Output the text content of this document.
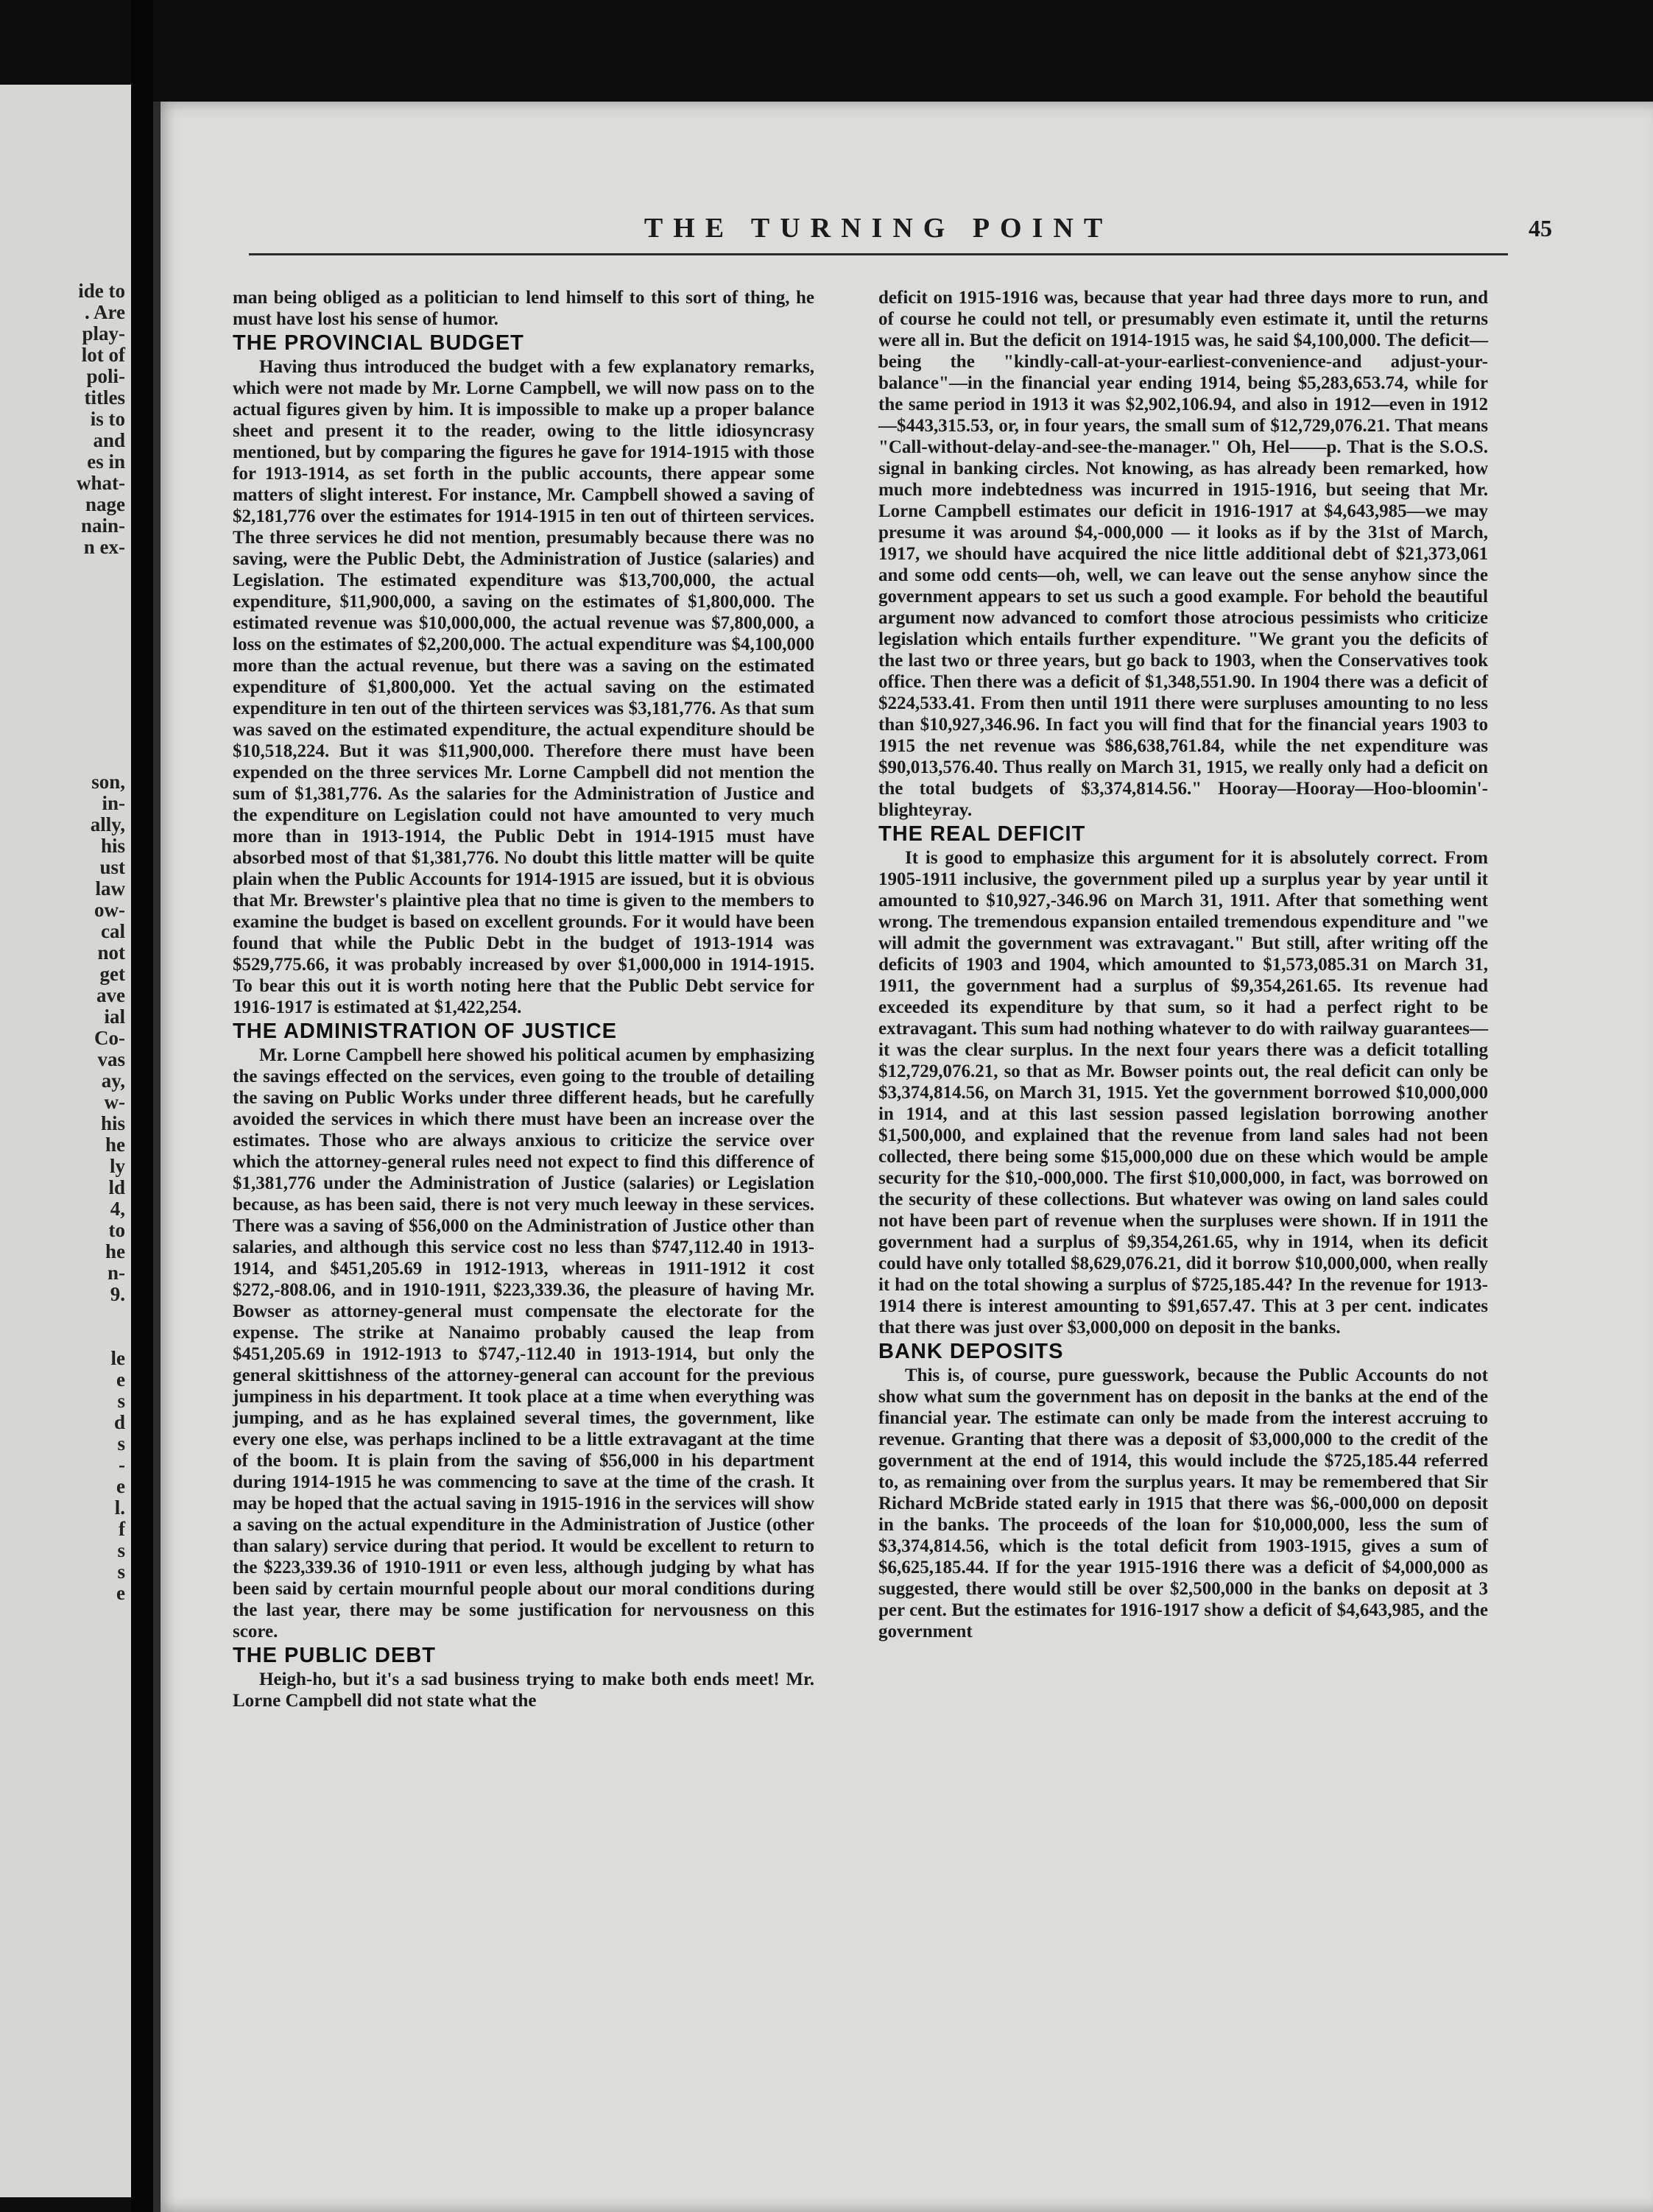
ide to
. Are
play-
lot of
poli-
titles
is to
and
es in
what-
nage
nain-
n ex-
son,
in-
ally,
his
ust
law
ow-
cal
not
get
ave
ial
Co-
vas
ay,
w-
his
he
ly
ld
4,
to
he
n-
9.
le
e
s
d
s
-
e
l.
f
s
s
e
THE TURNING POINT	45

man being obliged as a politician to lend himself to this sort of thing, he must have lost his sense of humor.

THE PROVINCIAL BUDGET

Having thus introduced the budget with a few explanatory remarks, which were not made by Mr. Lorne Campbell, we will now pass on to the actual figures given by him. It is impossible to make up a proper balance sheet and present it to the reader, owing to the little idiosyncrasy mentioned, but by comparing the figures he gave for 1914-1915 with those for 1913-1914, as set forth in the public accounts, there appear some matters of slight interest. For instance, Mr. Campbell showed a saving of $2,181,776 over the estimates for 1914-1915 in ten out of thirteen services. The three services he did not mention, presumably because there was no saving, were the Public Debt, the Administration of Justice (salaries) and Legislation. The estimated expenditure was $13,700,000, the actual expenditure, $11,900,000, a saving on the estimates of $1,800,000. The estimated revenue was $10,000,000, the actual revenue was $7,800,000, a loss on the estimates of $2,200,000. The actual expenditure was $4,100,000 more than the actual revenue, but there was a saving on the estimated expenditure of $1,800,000. Yet the actual saving on the estimated expenditure in ten out of the thirteen services was $3,181,776. As that sum was saved on the estimated expenditure, the actual expenditure should be $10,518,224. But it was $11,900,000. Therefore there must have been expended on the three services Mr. Lorne Campbell did not mention the sum of $1,381,776. As the salaries for the Administration of Justice and the expenditure on Legislation could not have amounted to very much more than in 1913-1914, the Public Debt in 1914-1915 must have absorbed most of that $1,381,776. No doubt this little matter will be quite plain when the Public Accounts for 1914-1915 are issued, but it is obvious that Mr. Brewster's plaintive plea that no time is given to the members to examine the budget is based on excellent grounds. For it would have been found that while the Public Debt in the budget of 1913-1914 was $529,775.66, it was probably increased by over $1,000,000 in 1914-1915. To bear this out it is worth noting here that the Public Debt service for 1916-1917 is estimated at $1,422,254.

THE ADMINISTRATION OF JUSTICE

Mr. Lorne Campbell here showed his political acumen by emphasizing the savings effected on the services, even going to the trouble of detailing the saving on Public Works under three different heads, but he carefully avoided the services in which there must have been an increase over the estimates. Those who are always anxious to criticize the service over which the attorney-general rules need not expect to find this difference of $1,381,776 under the Administration of Justice (salaries) or Legislation because, as has been said, there is not very much leeway in these services. There was a saving of $56,000 on the Administration of Justice other than salaries, and although this service cost no less than $747,112.40 in 1913-1914, and $451,205.69 in 1912-1913, whereas in 1911-1912 it cost $272,-808.06, and in 1910-1911, $223,339.36, the pleasure of having Mr. Bowser as attorney-general must compensate the electorate for the expense. The strike at Nanaimo probably caused the leap from $451,205.69 in 1912-1913 to $747,-112.40 in 1913-1914, but only the general skittishness of the attorney-general can account for the previous jumpiness in his department. It took place at a time when everything was jumping, and as he has explained several times, the government, like every one else, was perhaps inclined to be a little extravagant at the time of the boom. It is plain from the saving of $56,000 in his department during 1914-1915 he was commencing to save at the time of the crash. It may be hoped that the actual saving in 1915-1916 in the services will show a saving on the actual expenditure in the Administration of Justice (other than salary) service during that period. It would be excellent to return to the $223,339.36 of 1910-1911 or even less, although judging by what has been said by certain mournful people about our moral conditions during the last year, there may be some justification for nervousness on this score.

THE PUBLIC DEBT

Heigh-ho, but it's a sad business trying to make both ends meet! Mr. Lorne Campbell did not state what the

deficit on 1915-1916 was, because that year had three days more to run, and of course he could not tell, or presumably even estimate it, until the returns were all in. But the deficit on 1914-1915 was, he said $4,100,000. The deficit—being the "kindly-call-at-your-earliest-convenience-and adjust-your-balance"—in the financial year ending 1914, being $5,283,653.74, while for the same period in 1913 it was $2,902,106.94, and also in 1912—even in 1912—$443,315.53, or, in four years, the small sum of $12,729,076.21. That means "Call-without-delay-and-see-the-manager." Oh, Hel——p. That is the S.O.S. signal in banking circles. Not knowing, as has already been remarked, how much more indebtedness was incurred in 1915-1916, but seeing that Mr. Lorne Campbell estimates our deficit in 1916-1917 at $4,643,985—we may presume it was around $4,-000,000 — it looks as if by the 31st of March, 1917, we should have acquired the nice little additional debt of $21,373,061 and some odd cents—oh, well, we can leave out the sense anyhow since the government appears to set us such a good example. For behold the beautiful argument now advanced to comfort those atrocious pessimists who criticize legislation which entails further expenditure. "We grant you the deficits of the last two or three years, but go back to 1903, when the Conservatives took office. Then there was a deficit of $1,348,551.90. In 1904 there was a deficit of $224,533.41. From then until 1911 there were surpluses amounting to no less than $10,927,346.96. In fact you will find that for the financial years 1903 to 1915 the net revenue was $86,638,761.84, while the net expenditure was $90,013,576.40. Thus really on March 31, 1915, we really only had a deficit on the total budgets of $3,374,814.56." Hooray—Hooray—Hoo-bloomin'-blighteyray.

THE REAL DEFICIT

It is good to emphasize this argument for it is absolutely correct. From 1905-1911 inclusive, the government piled up a surplus year by year until it amounted to $10,927,-346.96 on March 31, 1911. After that something went wrong. The tremendous expansion entailed tremendous expenditure and "we will admit the government was extravagant." But still, after writing off the deficits of 1903 and 1904, which amounted to $1,573,085.31 on March 31, 1911, the government had a surplus of $9,354,261.65. Its revenue had exceeded its expenditure by that sum, so it had a perfect right to be extravagant. This sum had nothing whatever to do with railway guarantees—it was the clear surplus. In the next four years there was a deficit totalling $12,729,076.21, so that as Mr. Bowser points out, the real deficit can only be $3,374,814.56, on March 31, 1915. Yet the government borrowed $10,000,000 in 1914, and at this last session passed legislation borrowing another $1,500,000, and explained that the revenue from land sales had not been collected, there being some $15,000,000 due on these which would be ample security for the $10,-000,000. The first $10,000,000, in fact, was borrowed on the security of these collections. But whatever was owing on land sales could not have been part of revenue when the surpluses were shown. If in 1911 the government had a surplus of $9,354,261.65, why in 1914, when its deficit could have only totalled $8,629,076.21, did it borrow $10,000,000, when really it had on the total showing a surplus of $725,185.44? In the revenue for 1913-1914 there is interest amounting to $91,657.47. This at 3 per cent. indicates that there was just over $3,000,000 on deposit in the banks.

BANK DEPOSITS

This is, of course, pure guesswork, because the Public Accounts do not show what sum the government has on deposit in the banks at the end of the financial year. The estimate can only be made from the interest accruing to revenue. Granting that there was a deposit of $3,000,000 to the credit of the government at the end of 1914, this would include the $725,185.44 referred to, as remaining over from the surplus years. It may be remembered that Sir Richard McBride stated early in 1915 that there was $6,-000,000 on deposit in the banks. The proceeds of the loan for $10,000,000, less the sum of $3,374,814.56, which is the total deficit from 1903-1915, gives a sum of $6,625,185.44. If for the year 1915-1916 there was a deficit of $4,000,000 as suggested, there would still be over $2,500,000 in the banks on deposit at 3 per cent. But the estimates for 1916-1917 show a deficit of $4,643,985, and the government
